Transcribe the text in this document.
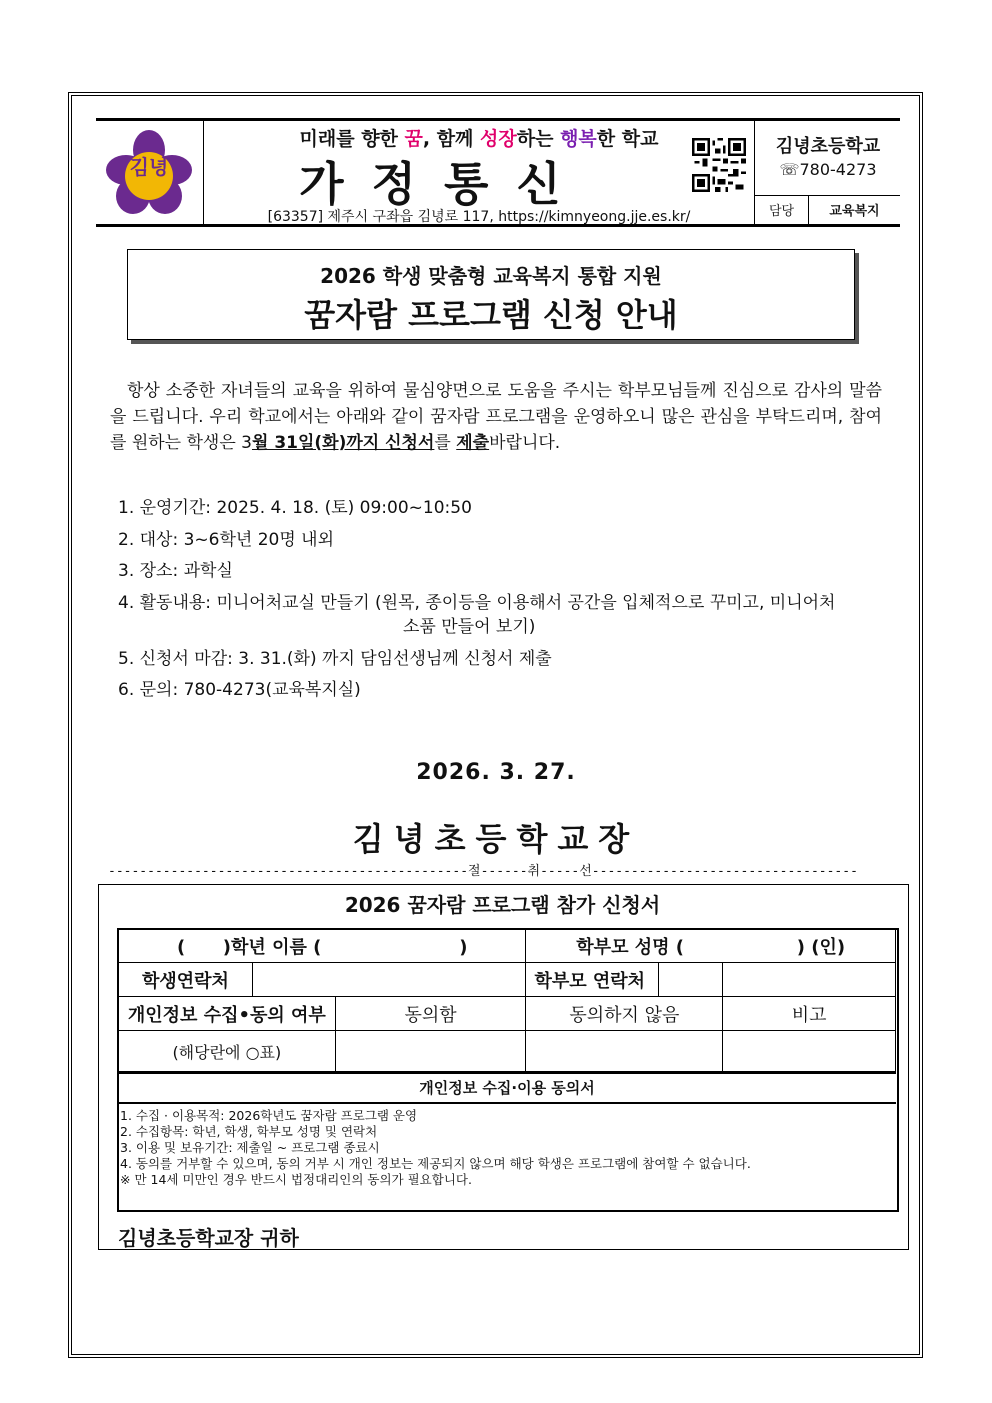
김녕
미래를 향한 꿈, 함께 성장하는 행복한 학교
가정통신
[63357] 제주시 구좌읍 김녕로 117, https://kimnyeong.jje.es.kr/
김녕초등학교
☏780-4273
담당	교육복지
2026 학생 맞춤형 교육복지 통합 지원
꿈자람 프로그램 신청 안내
항상 소중한 자녀들의 교육을 위하여 물심양면으로 도움을 주시는 학부모님들께 진심으로 감사의 말씀을 드립니다. 우리 학교에서는 아래와 같이 꿈자람 프로그램을 운영하오니 많은 관심을 부탁드리며, 참여를 원하는 학생은 3월 31일(화)까지 신청서를 제출바랍니다.
1. 운영기간: 2025. 4. 18. (토) 09:00~10:50
2. 대상: 3~6학년 20명 내외
3. 장소: 과학실
4. 활동내용: 미니어처교실 만들기 (원목, 종이등을 이용해서 공간을 입체적으로 꾸미고, 미니어처
소품 만들어 보기)
5. 신청서 마감: 3. 31.(화) 까지 담임선생님께 신청서 제출
6. 문의: 780-4273(교육복지실)
2026. 3. 27.
김녕초등학교장
----------------------------------------------절------취-----선----------------------------------
2026 꿈자람 프로그램 참가 신청서
(      )학년 이름 (                      )			학부모 성명 (                  ) (인)	
학생연락처			학부모 연락처	

개인정보 수집•동의 여부		동의함	동의하지 않음	비고
(해당란에 ○표)				
개인정보 수집·이용 동의서
1. 수집 · 이용목적: 2026학년도 꿈자람 프로그램 운영
2. 수집항목: 학년, 학생, 학부모 성명 및 연락처
3. 이용 및 보유기간: 제출일 ~ 프로그램 종료시
4. 동의를 거부할 수 있으며, 동의 거부 시 개인 정보는 제공되지 않으며 해당 학생은 프로그램에 참여할 수 없습니다.
※ 만 14세 미만인 경우 반드시 법정대리인의 동의가 필요합니다.
김녕초등학교장 귀하
